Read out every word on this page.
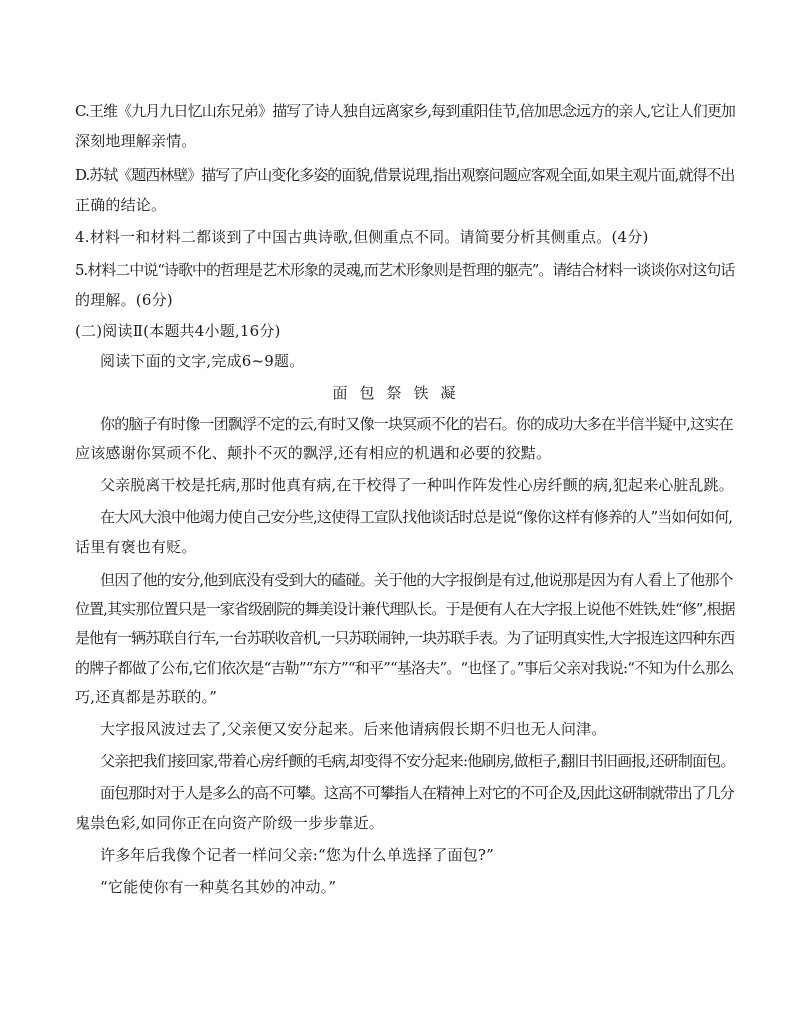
C.王维《九月九日忆山东兄弟》描写了诗人独自远离家乡,每到重阳佳节,倍加思念远方的亲人,它让人们更加
深刻地理解亲情。
D.苏轼《题西林壁》描写了庐山变化多姿的面貌,借景说理,指出观察问题应客观全面,如果主观片面,就得不出
正确的结论。
4.材料一和材料二都谈到了中国古典诗歌,但侧重点不同。请简要分析其侧重点。(4分)
5.材料二中说“诗歌中的哲理是艺术形象的灵魂,而艺术形象则是哲理的躯壳”。请结合材料一谈谈你对这句话
的理解。(6分)
(二)阅读Ⅱ(本题共4小题,16分)
阅读下面的文字,完成6~9题。
面包祭铁凝
你的脑子有时像一团飘浮不定的云,有时又像一块冥顽不化的岩石。你的成功大多在半信半疑中,这实在
应该感谢你冥顽不化、颠扑不灭的飘浮,还有相应的机遇和必要的狡黠。
父亲脱离干校是托病,那时他真有病,在干校得了一种叫作阵发性心房纤颤的病,犯起来心脏乱跳。
在大风大浪中他竭力使自己安分些,这使得工宣队找他谈话时总是说“像你这样有修养的人”当如何如何,
话里有褒也有贬。
但因了他的安分,他到底没有受到大的磕碰。关于他的大字报倒是有过,他说那是因为有人看上了他那个
位置,其实那位置只是一家省级剧院的舞美设计兼代理队长。于是便有人在大字报上说他不姓铁,姓“修”,根据
是他有一辆苏联自行车,一台苏联收音机,一只苏联闹钟,一块苏联手表。为了证明真实性,大字报连这四种东西
的牌子都做了公布,它们依次是“吉勒”“东方”“和平”“基洛夫”。“也怪了。”事后父亲对我说:“不知为什么那么
巧,还真都是苏联的。”
大字报风波过去了,父亲便又安分起来。后来他请病假长期不归也无人问津。
父亲把我们接回家,带着心房纤颤的毛病,却变得不安分起来:他刷房,做柜子,翻旧书旧画报,还研制面包。
面包那时对于人是多么的高不可攀。这高不可攀指人在精神上对它的不可企及,因此这研制就带出了几分
鬼祟色彩,如同你正在向资产阶级一步步靠近。
许多年后我像个记者一样问父亲:“您为什么单选择了面包?”
“它能使你有一种莫名其妙的冲动。”
